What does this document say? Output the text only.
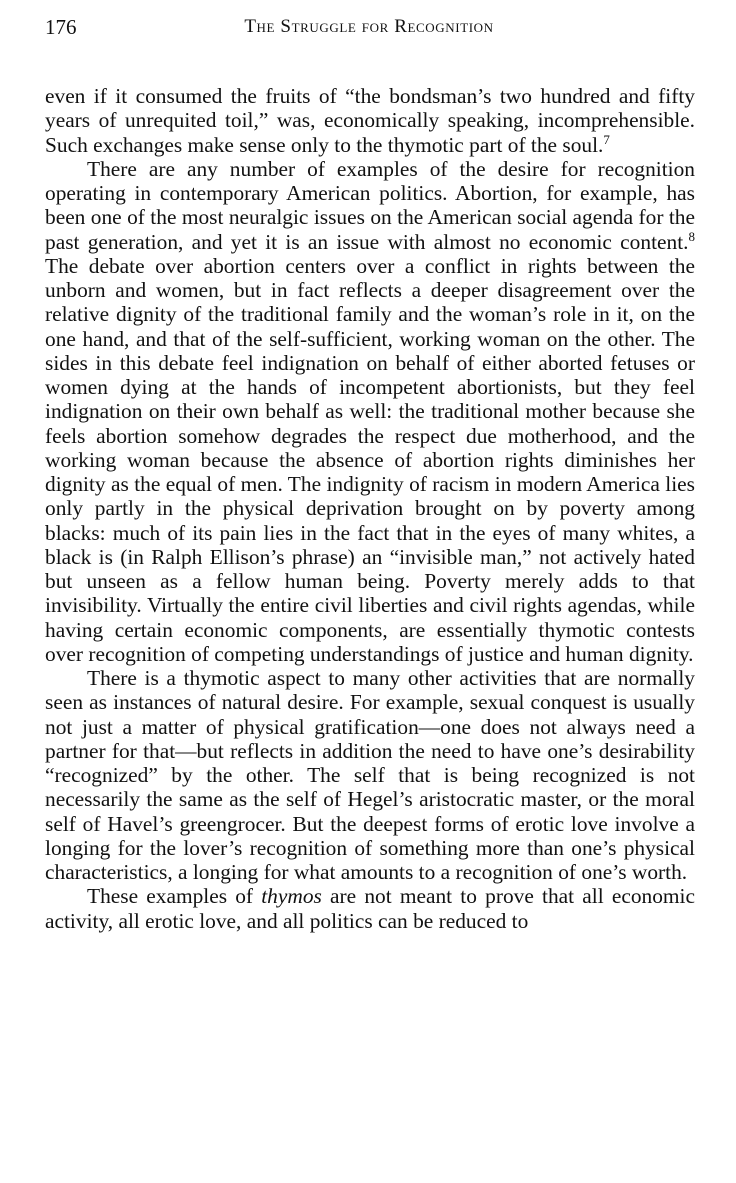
176	The Struggle for Recognition

even if it consumed the fruits of “the bondsman’s two hundred and fifty years of unrequited toil,” was, economically speaking, incomprehensible. Such exchanges make sense only to the thymotic part of the soul.$^7$

There are any number of examples of the desire for recognition operating in contemporary American politics. Abortion, for example, has been one of the most neuralgic issues on the American social agenda for the past generation, and yet it is an issue with almost no economic content.$^8$ The debate over abortion centers over a conflict in rights between the unborn and women, but in fact reflects a deeper disagreement over the relative dignity of the traditional family and the woman’s role in it, on the one hand, and that of the self-sufficient, working woman on the other. The sides in this debate feel indignation on behalf of either aborted fetuses or women dying at the hands of incompetent abortionists, but they feel indignation on their own behalf as well: the traditional mother because she feels abortion somehow degrades the respect due motherhood, and the working woman because the absence of abortion rights diminishes her dignity as the equal of men. The indignity of racism in modern America lies only partly in the physical deprivation brought on by poverty among blacks: much of its pain lies in the fact that in the eyes of many whites, a black is (in Ralph Ellison’s phrase) an “invisible man,” not actively hated but unseen as a fellow human being. Poverty merely adds to that invisibility. Virtually the entire civil liberties and civil rights agendas, while having certain economic components, are essentially thymotic contests over recognition of competing understandings of justice and human dignity.

There is a thymotic aspect to many other activities that are normally seen as instances of natural desire. For example, sexual conquest is usually not just a matter of physical gratification—one does not always need a partner for that—but reflects in addition the need to have one’s desirability “recognized” by the other. The self that is being recognized is not necessarily the same as the self of Hegel’s aristocratic master, or the moral self of Havel’s greengrocer. But the deepest forms of erotic love involve a longing for the lover’s recognition of something more than one’s physical characteristics, a longing for what amounts to a recognition of one’s worth.

These examples of thymos are not meant to prove that all economic activity, all erotic love, and all politics can be reduced to
